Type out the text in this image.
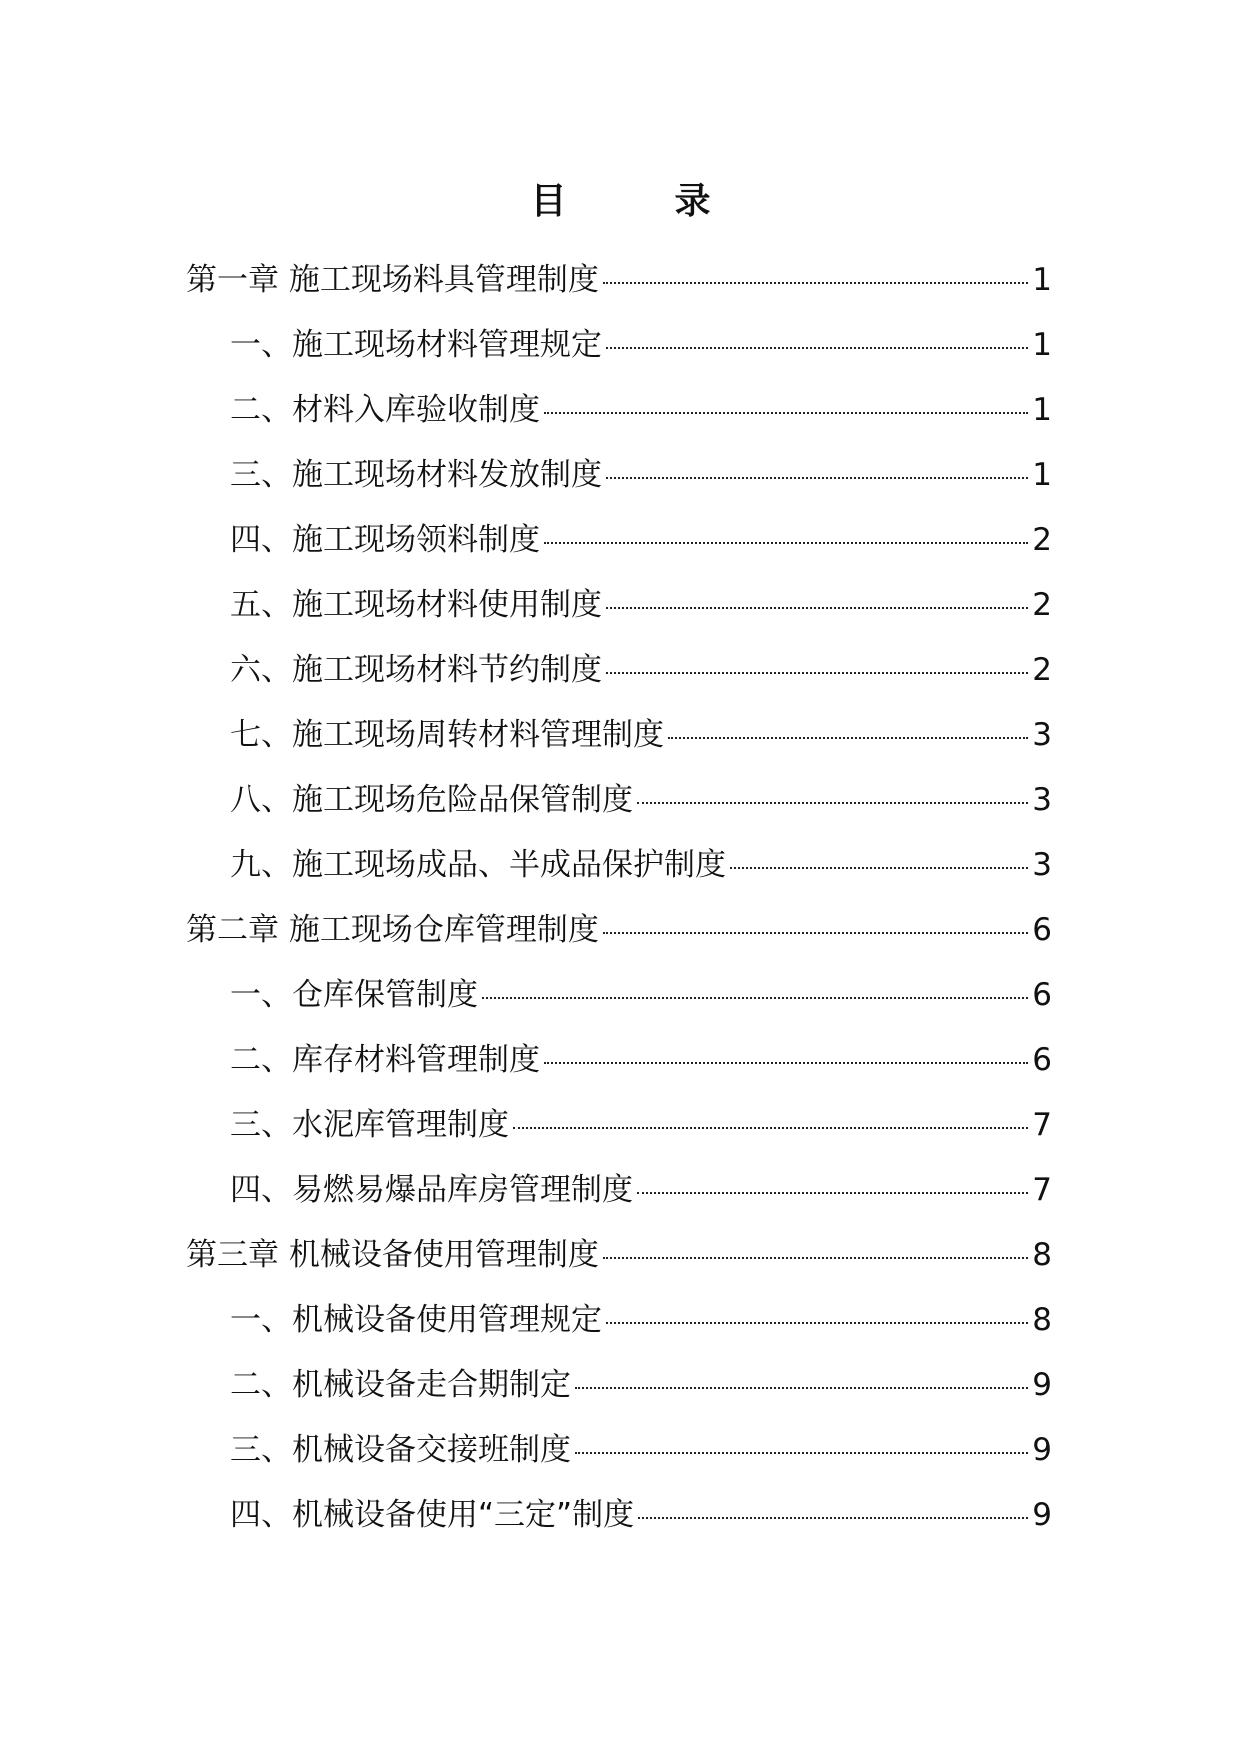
目　录
第一章 施工现场料具管理制度	1
一、施工现场材料管理规定	1
二、材料入库验收制度	1
三、施工现场材料发放制度	1
四、施工现场领料制度	2
五、施工现场材料使用制度	2
六、施工现场材料节约制度	2
七、施工现场周转材料管理制度	3
八、施工现场危险品保管制度	3
九、施工现场成品、半成品保护制度	3
第二章 施工现场仓库管理制度	6
一、仓库保管制度	6
二、库存材料管理制度	6
三、水泥库管理制度	7
四、易燃易爆品库房管理制度	7
第三章 机械设备使用管理制度	8
一、机械设备使用管理规定	8
二、机械设备走合期制定	9
三、机械设备交接班制度	9
四、机械设备使用“三定”制度	9
